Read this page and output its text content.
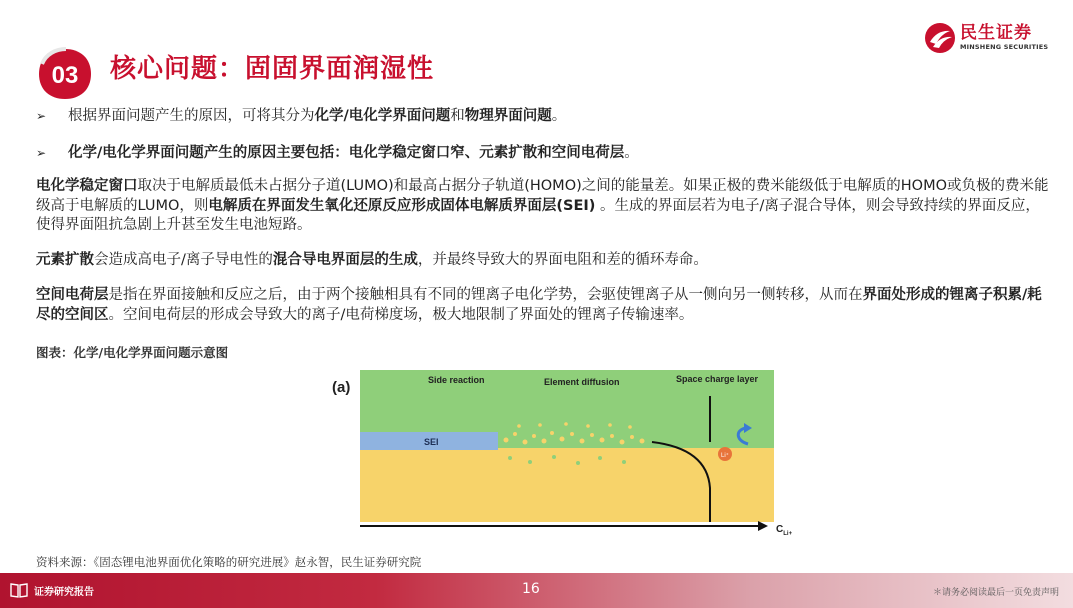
民生证券
MINSHENG SECURITIES
03 核心问题：固固界面润湿性
➢ 根据界面问题产生的原因，可将其分为化学/电化学界面问题和物理界面问题。
➢ 化学/电化学界面问题产生的原因主要包括：电化学稳定窗口窄、元素扩散和空间电荷层。
电化学稳定窗口取决于电解质最低未占据分子道(LUMO)和最高占据分子轨道(HOMO)之间的能量差。如果正极的费米能级低于电解质的HOMO或负极的费米能级高于电解质的LUMO，则电解质在界面发生氧化还原反应形成固体电解质界面层(SEI) 。生成的界面层若为电子/离子混合导体，则会导致持续的界面反应，使得界面阻抗急剧上升甚至发生电池短路。
元素扩散会造成高电子/离子导电性的混合导电界面层的生成，并最终导致大的界面电阻和差的循环寿命。
空间电荷层是指在界面接触和反应之后，由于两个接触相具有不同的锂离子电化学势，会驱使锂离子从一侧向另一侧转移，从而在界面处形成的锂离子积累/耗尽的空间区。空间电荷层的形成会导致大的离子/电荷梯度场，极大地限制了界面处的锂离子传输速率。
图表：化学/电化学界面问题示意图
(a)
SEI
Side reaction	Element diffusion	Space charge layer
Li⁺
$C_{Li+}$
资料来源：《固态锂电池界面优化策略的研究进展》赵永智，民生证券研究院
证券研究报告	16	＊请务必阅读最后一页免责声明
